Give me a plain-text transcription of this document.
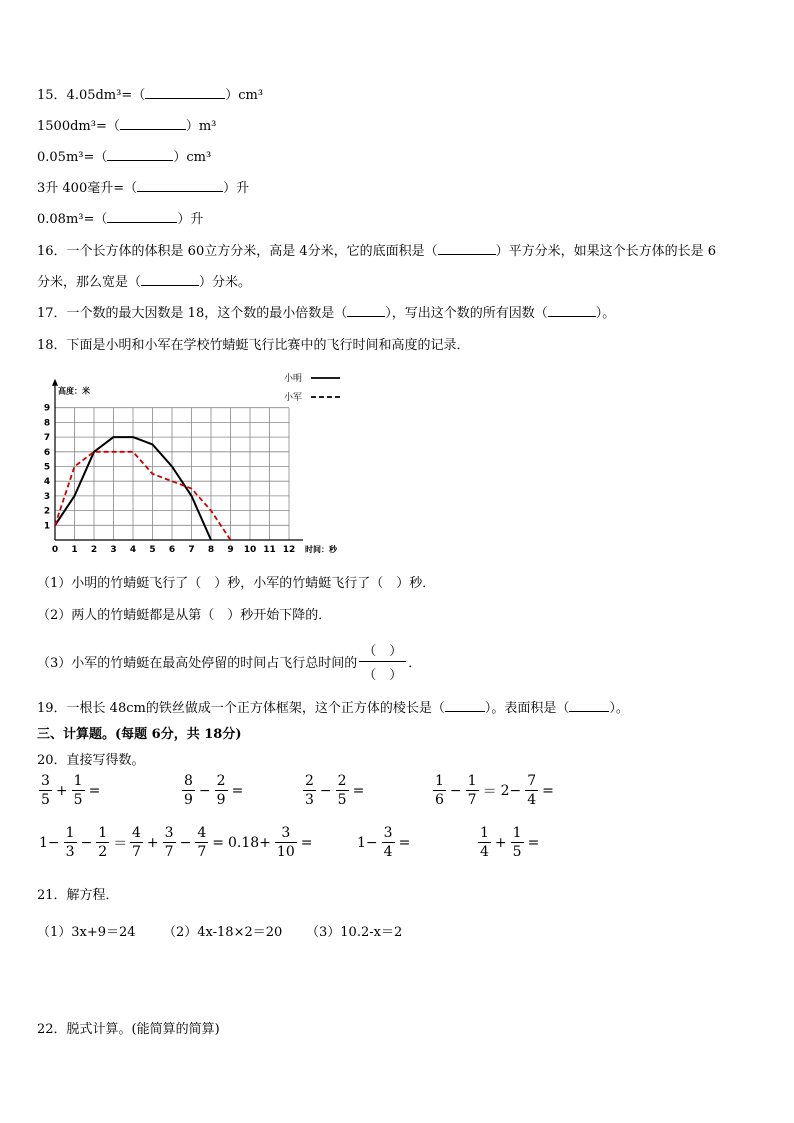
15．4.05dm³=（	）cm³
1500dm³=（	）m³
0.05m³=（	）cm³
3升 400毫升=（	）升
0.08m³=（	）升
16．一个长方体的体积是 60立方分米，高是 4分米，它的底面积是（	）平方分米，如果这个长方体的长是 6
分米，那么宽是（	）分米。
17．一个数的最大因数是 18，这个数的最小倍数是（	），写出这个数的所有因数（	）。
18．下面是小明和小军在学校竹蜻蜓飞行比赛中的飞行时间和高度的记录．
0 1 2 3 4 5 6 7 8 9 10 11 12
1
2
3
4
5
6
7
8
9
高度：米
时间：秒
小明
小军
（1）小明的竹蜻蜓飞行了（　）秒，小军的竹蜻蜓飞行了（　）秒．
（2）两人的竹蜻蜓都是从第（　）秒开始下降的．
（3）小军的竹蜻蜓在最高处停留的时间占飞行总时间的 $\frac{( )}{( )}$ ．
19．一根长 48cm的铁丝做成一个正方体框架，这个正方体的棱长是（	）。表面积是（	）。
三、计算题。(每题 6分，共 18分)
20．直接写得数。
$\frac{3}{5} + \frac{1}{5}$ =	$\frac{8}{9} - \frac{2}{9}$ =	$\frac{2}{3} - \frac{2}{5}$ =	$\frac{1}{6} - \frac{1}{7} = 2- \frac{7}{4}$ =
$1- \frac{1}{3} - \frac{1}{2} = \frac{4}{7} + \frac{3}{7} - \frac{4}{7} = 0.18+ \frac{3}{10}$ =	$1- \frac{3}{4}$ =	$\frac{1}{4} + \frac{1}{5}$ =
21．解方程．
（1）3x+9＝24 （2）4x-18×2＝20 （3）10.2-x＝2
22．脱式计算。(能简算的简算)
